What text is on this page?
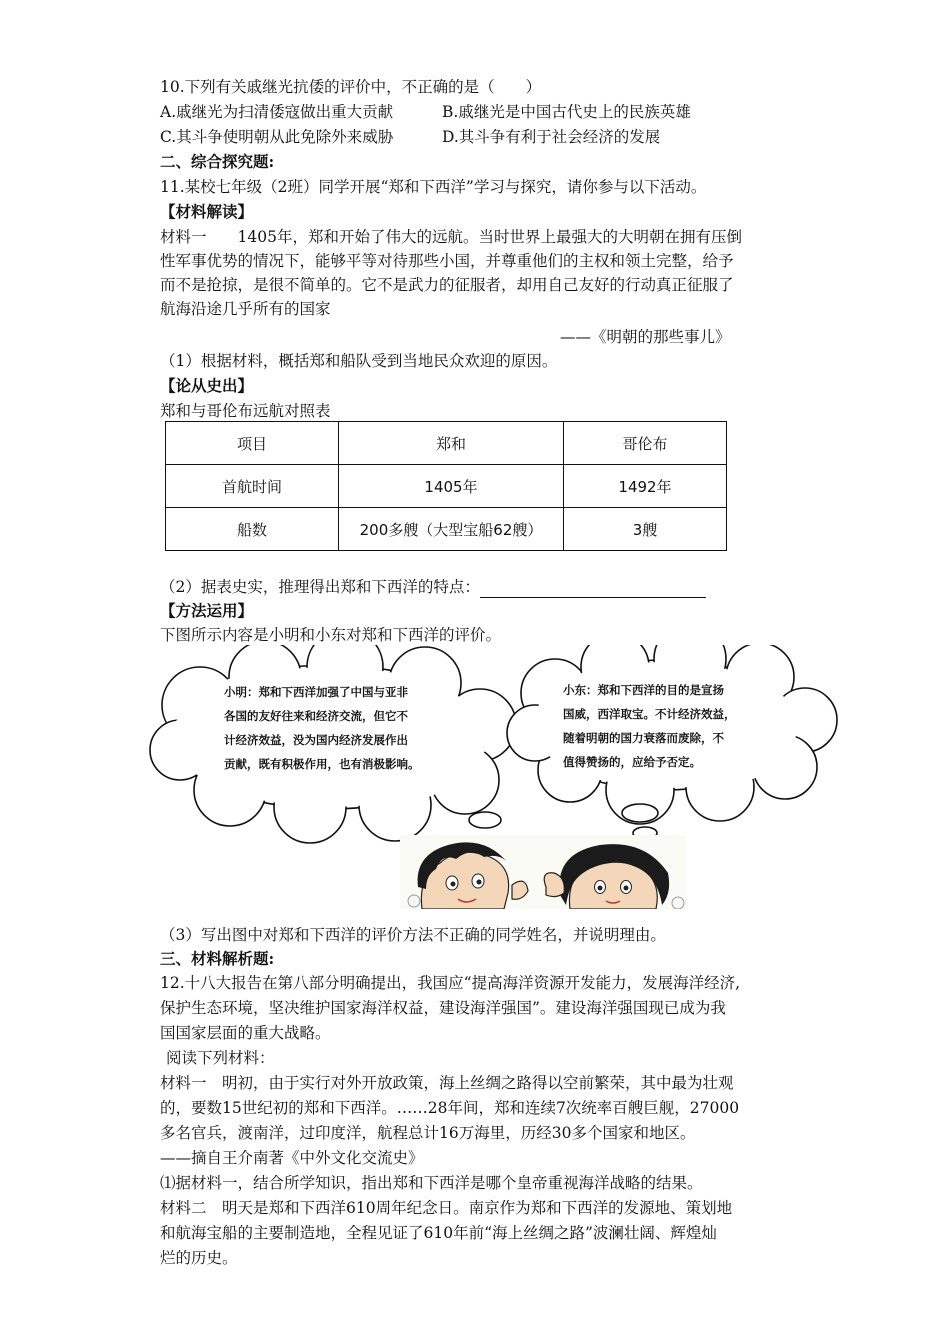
10.下列有关戚继光抗倭的评价中，不正确的是（　　）
A.戚继光为扫清倭寇做出重大贡献	B.戚继光是中国古代史上的民族英雄
C.其斗争使明朝从此免除外来威胁	D.其斗争有利于社会经济的发展
二、综合探究题:
11.某校七年级（2班）同学开展“郑和下西洋”学习与探究，请你参与以下活动。
【材料解读】
材料一　　1405年，郑和开始了伟大的远航。当时世界上最强大的大明朝在拥有压倒
性军事优势的情况下，能够平等对待那些小国，并尊重他们的主权和领土完整，给予
而不是抢掠，是很不简单的。它不是武力的征服者，却用自己友好的行动真正征服了
航海沿途几乎所有的国家
——《明朝的那些事儿》
（1）根据材料，概括郑和船队受到当地民众欢迎的原因。
【论从史出】
郑和与哥伦布远航对照表
项目	郑和	哥伦布
首航时间	1405年	1492年
船数	200多艘（大型宝船62艘）	3艘
（2）据表史实，推理得出郑和下西洋的特点：
【方法运用】
下图所示内容是小明和小东对郑和下西洋的评价。
小明：郑和下西洋加强了中国与亚非
各国的友好往来和经济交流，但它不
计经济效益，没为国内经济发展作出
贡献，既有积极作用，也有消极影响。
小东：郑和下西洋的目的是宣扬
国威，西洋取宝。不计经济效益，
随着明朝的国力衰落而废除，不
值得赞扬的，应给予否定。
（3）写出图中对郑和下西洋的评价方法不正确的同学姓名，并说明理由。
三、材料解析题:
12.十八大报告在第八部分明确提出，我国应“提高海洋资源开发能力，发展海洋经济,
保护生态环境，坚决维护国家海洋权益，建设海洋强国”。建设海洋强国现已成为我
国国家层面的重大战略。
阅读下列材料：
材料一　明初，由于实行对外开放政策，海上丝绸之路得以空前繁荣，其中最为壮观
的，要数15世纪初的郑和下西洋。……28年间，郑和连续7次统率百艘巨舰，27000
多名官兵，渡南洋，过印度洋，航程总计16万海里，历经30多个国家和地区。
——摘自王介南著《中外文化交流史》
⑴据材料一，结合所学知识，指出郑和下西洋是哪个皇帝重视海洋战略的结果。
材料二　明天是郑和下西洋610周年纪念日。南京作为郑和下西洋的发源地、策划地
和航海宝船的主要制造地，全程见证了610年前“海上丝绸之路”波澜壮阔、辉煌灿
烂的历史。
